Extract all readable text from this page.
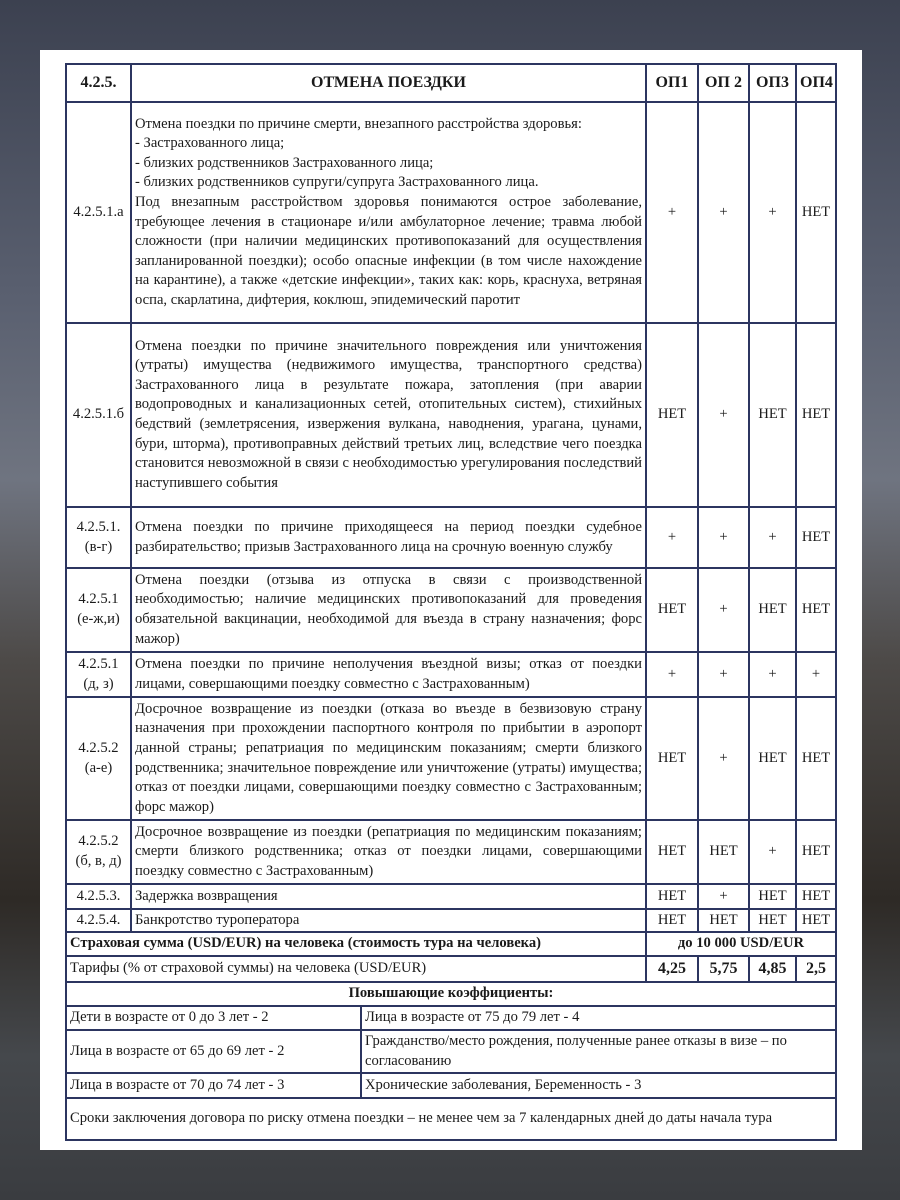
4.2.5.	ОТМЕНА ПОЕЗДКИ		ОП1	ОП 2	ОП3	ОП4
4.2.5.1.а	Отмена поездки по причине смерти, внезапного расстройства здоровья:
- Застрахованного лица;
- близких родственников Застрахованного лица;
- близких родственников супруги/супруга Застрахованного лица.
Под внезапным расстройством здоровья понимаются острое заболевание, требующее лечения в стационаре и/или амбулаторное лечение; травма любой сложности (при наличии медицинских противопоказаний для осуществления запланированной поездки); особо опасные инфекции (в том числе нахождение на карантине), а также «детские инфекции», таких как: корь, краснуха, ветряная оспа, скарлатина, дифтерия, коклюш, эпидемический паротит		+	+	+	НЕТ
4.2.5.1.б	Отмена поездки по причине значительного повреждения или уничтожения (утраты) имущества (недвижимого имущества, транспортного средства) Застрахованного лица в результате пожара, затопления (при аварии водопроводных и канализационных сетей, отопительных систем), стихийных бедствий (землетрясения, извержения вулкана, наводнения, урагана, цунами, бури, шторма), противоправных действий третьих лиц, вследствие чего поездка становится невозможной в связи с необходимостью урегулирования последствий наступившего события		НЕТ	+	НЕТ	НЕТ
4.2.5.1. (в-г)	Отмена поездки по причине приходящееся на период поездки судебное разбирательство; призыв Застрахованного лица на срочную военную службу		+	+	+	НЕТ
4.2.5.1 (е-ж,и)	Отмена поездки (отзыва из отпуска в связи с производственной необходимостью; наличие медицинских противопоказаний для проведения обязательной вакцинации, необходимой для въезда в страну назначения; форс мажор)		НЕТ	+	НЕТ	НЕТ
4.2.5.1 (д, з)	Отмена поездки по причине неполучения въездной визы; отказ от поездки лицами, совершающими поездку совместно с Застрахованным)		+	+	+	+
4.2.5.2 (а-е)	Досрочное возвращение из поездки (отказа во въезде в безвизовую страну назначения при прохождении паспортного контроля по прибытии в аэропорт данной страны; репатриация по медицинским показаниям; смерти близкого родственника; значительное повреждение или уничтожение (утраты) имущества; отказ от поездки лицами, совершающими поездку совместно с Застрахованным; форс мажор)		НЕТ	+	НЕТ	НЕТ
4.2.5.2 (б, в, д)	Досрочное возвращение из поездки (репатриация по медицинским показаниям; смерти близкого родственника; отказ от поездки лицами, совершающими поездку совместно с Застрахованным)		НЕТ	НЕТ	+	НЕТ
4.2.5.3.	Задержка возвращения		НЕТ	+	НЕТ	НЕТ
4.2.5.4.	Банкротство туроператора		НЕТ	НЕТ	НЕТ	НЕТ
Страховая сумма (USD/EUR) на человека (стоимость тура на человека)			до 10 000 USD/EUR			
Тарифы (% от страховой суммы) на человека (USD/EUR)			4,25	5,75	4,85	2,5
Повышающие коэффициенты:						
Дети в возрасте от 0 до 3 лет - 2		Лица в возрасте от 75 до 79 лет - 4				
Лица в возрасте от 65 до 69 лет - 2		Гражданство/место рождения, полученные ранее отказы в визе – по согласованию				
Лица в возрасте от 70 до 74 лет - 3		Хронические заболевания, Беременность - 3				
Сроки заключения договора по риску отмена поездки – не менее чем за 7 календарных дней до даты начала тура						
